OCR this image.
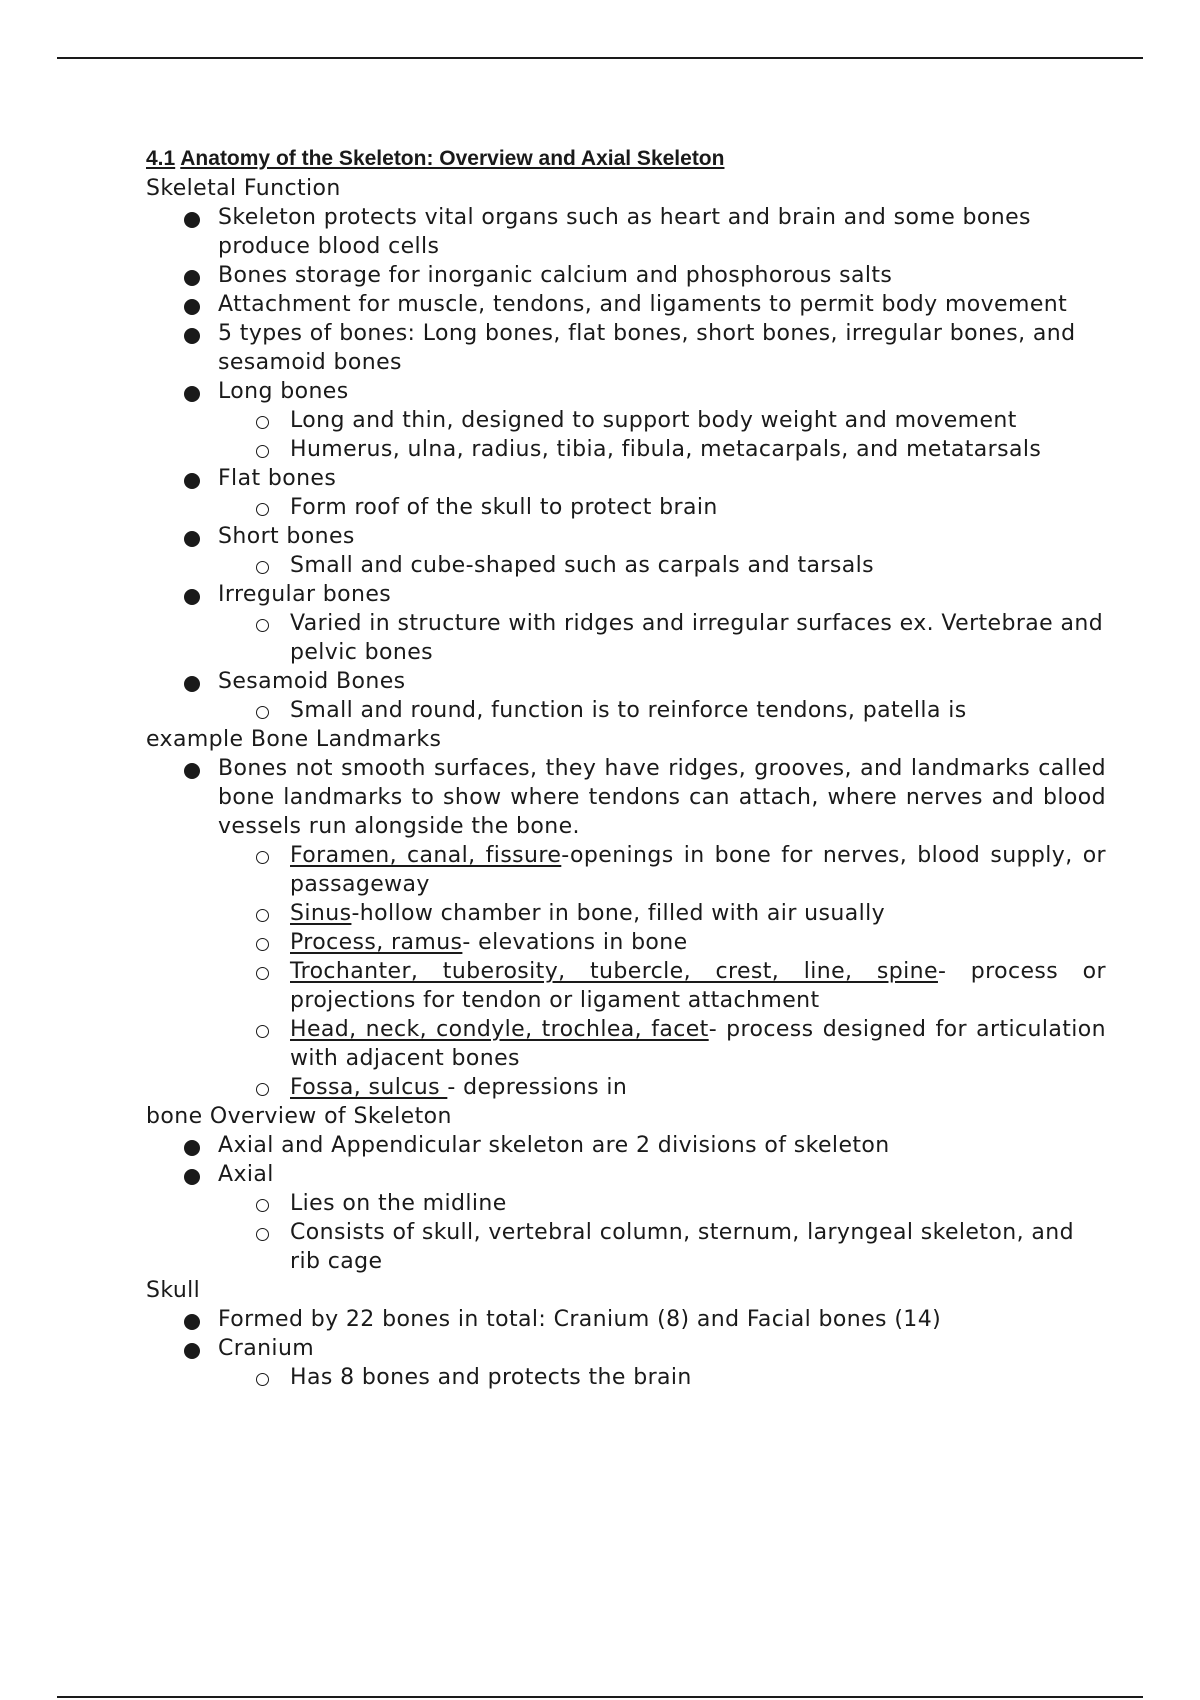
4.1 Anatomy of the Skeleton: Overview and Axial Skeleton
Skeletal Function
Skeleton protects vital organs such as heart and brain and some bones produce blood cells
Bones storage for inorganic calcium and phosphorous salts
Attachment for muscle, tendons, and ligaments to permit body movement
5 types of bones: Long bones, flat bones, short bones, irregular bones, and sesamoid bones
Long bones
Long and thin, designed to support body weight and movement
Humerus, ulna, radius, tibia, fibula, metacarpals, and metatarsals
Flat bones
Form roof of the skull to protect brain
Short bones
Small and cube-shaped such as carpals and tarsals
Irregular bones
Varied in structure with ridges and irregular surfaces ex. Vertebrae and pelvic bones
Sesamoid Bones
Small and round, function is to reinforce tendons, patella is
example Bone Landmarks
Bones not smooth surfaces, they have ridges, grooves, and landmarks called bone landmarks to show where tendons can attach, where nerves and blood vessels run alongside the bone.
Foramen, canal, fissure-openings in bone for nerves, blood supply, or passageway
Sinus-hollow chamber in bone, filled with air usually
Process, ramus- elevations in bone
Trochanter, tuberosity, tubercle, crest, line, spine- process or projections for tendon or ligament attachment
Head, neck, condyle, trochlea, facet- process designed for articulation with adjacent bones
Fossa, sulcus - depressions in
bone Overview of Skeleton
Axial and Appendicular skeleton are 2 divisions of skeleton
Axial
Lies on the midline
Consists of skull, vertebral column, sternum, laryngeal skeleton, and rib cage
Skull
Formed by 22 bones in total: Cranium (8) and Facial bones (14)
Cranium
Has 8 bones and protects the brain
